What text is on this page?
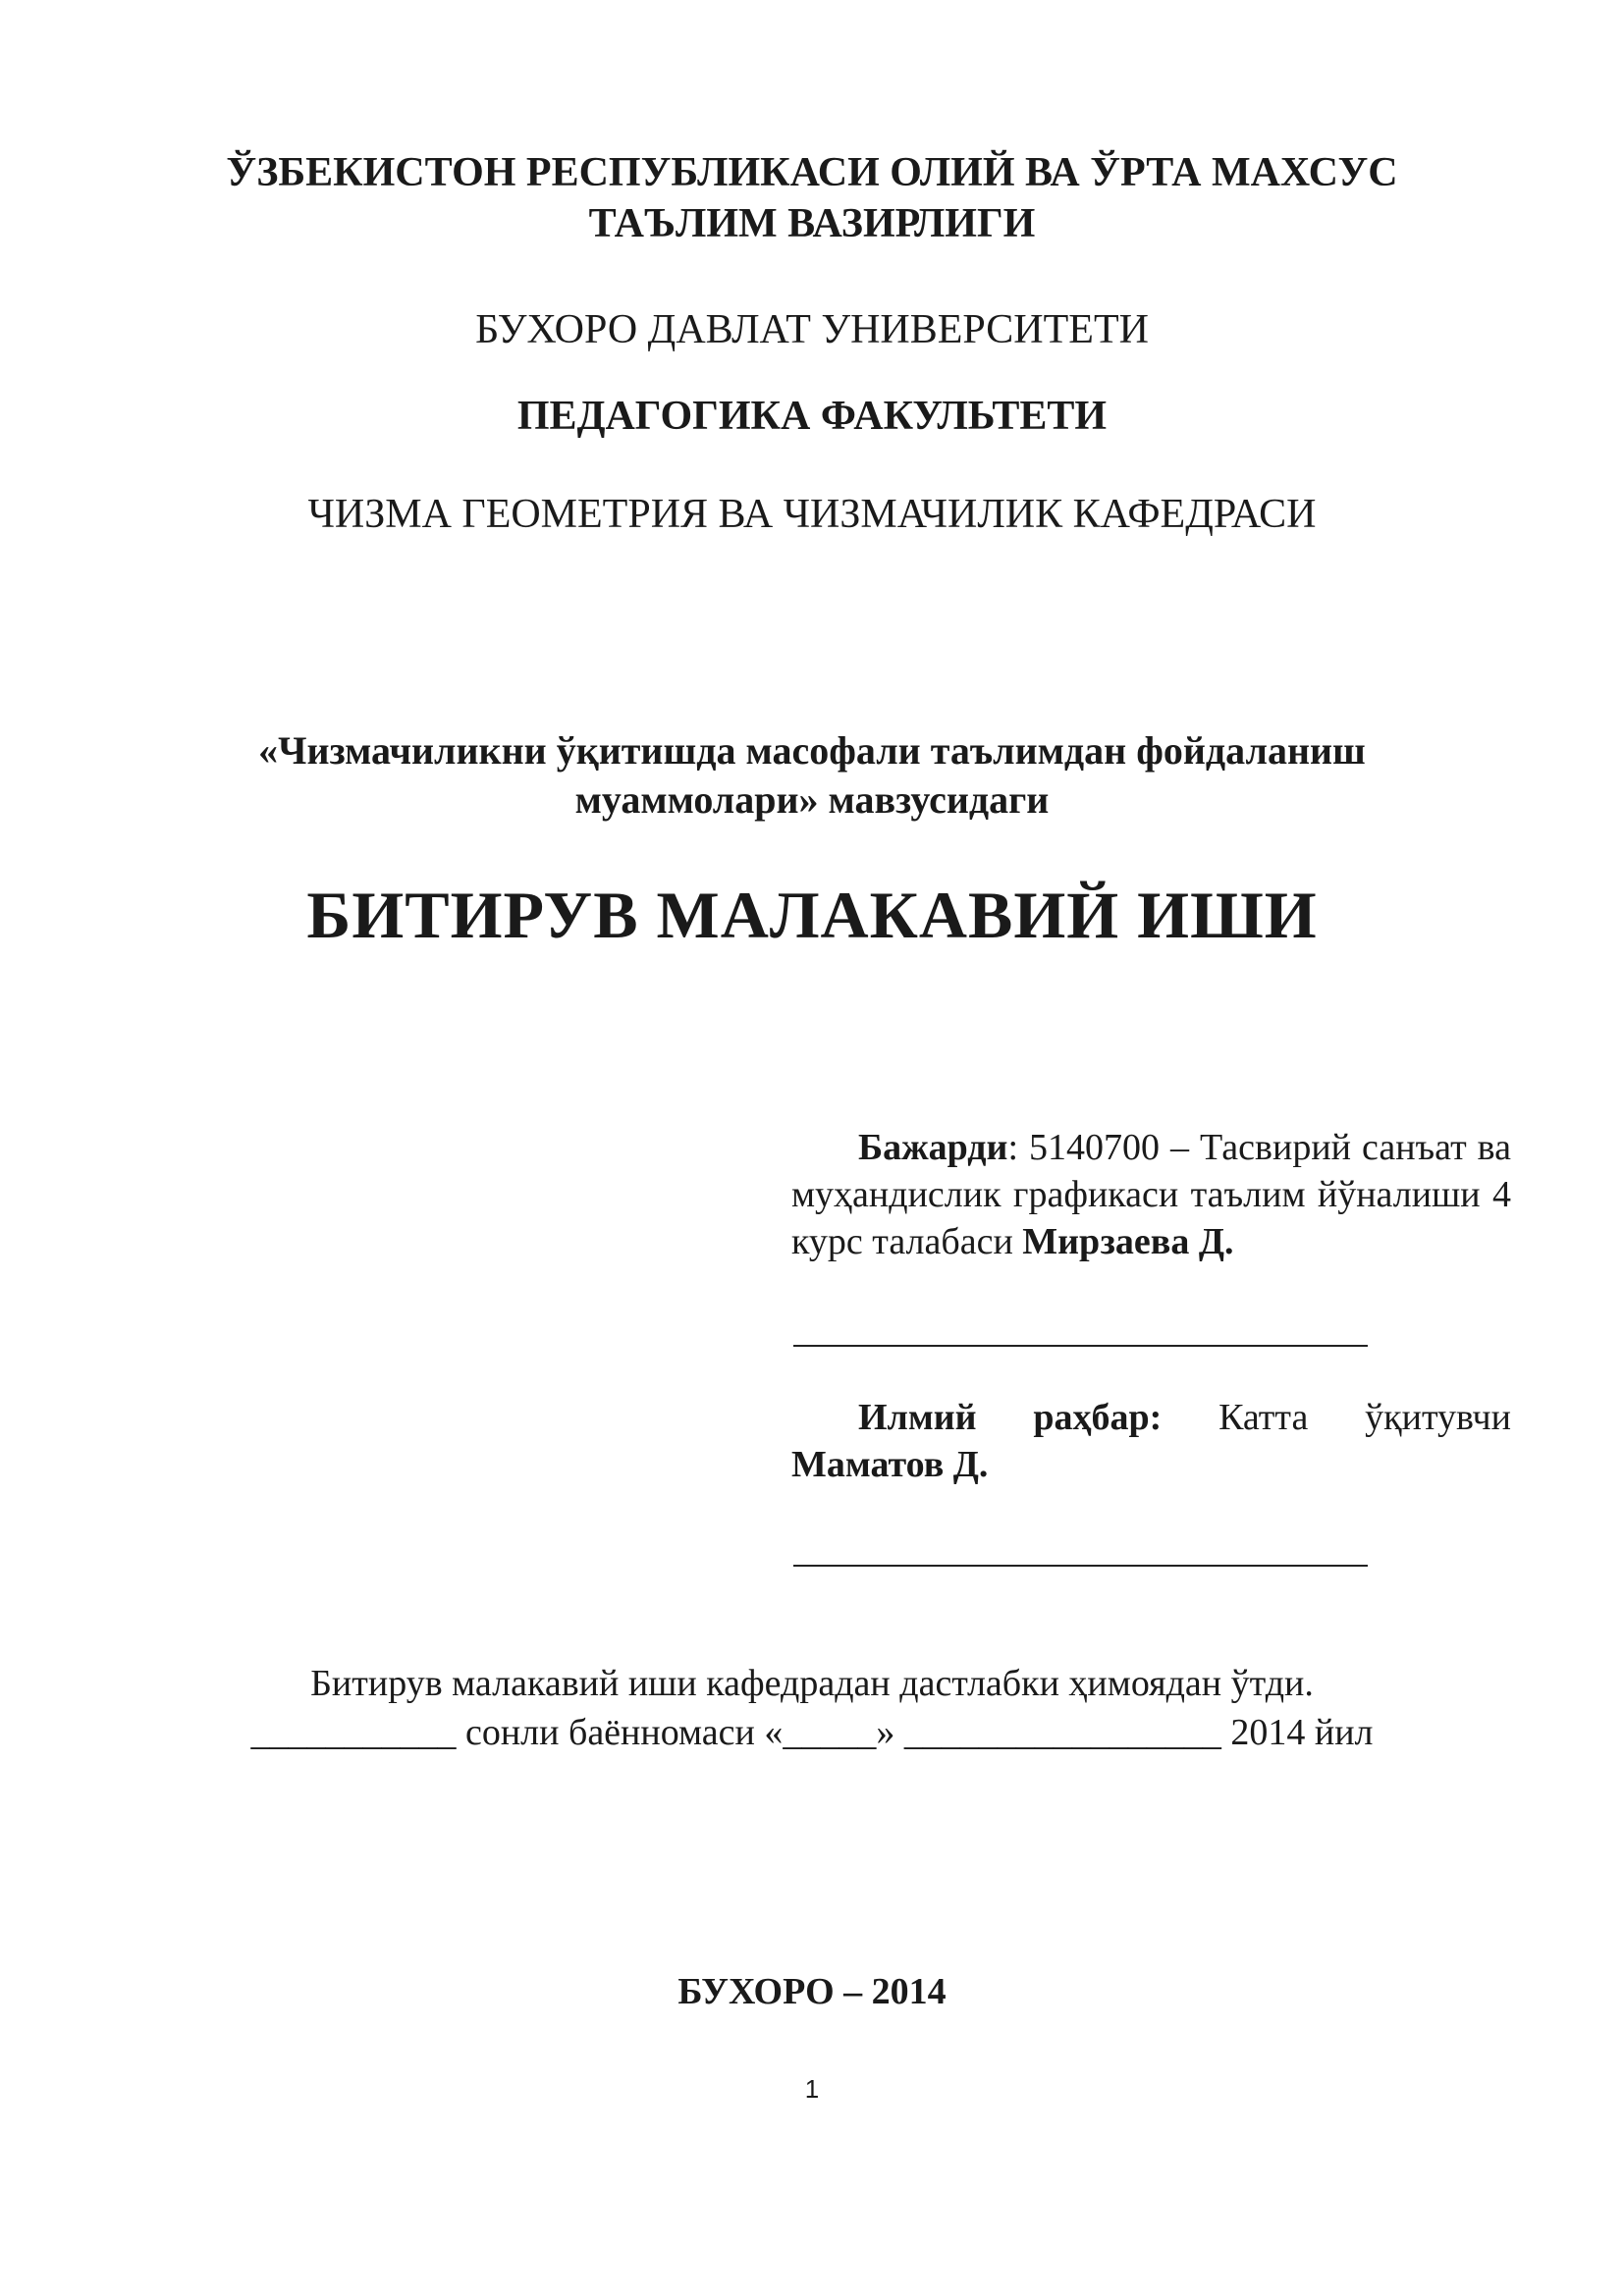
ЎЗБЕКИСТОН РЕСПУБЛИКАСИ ОЛИЙ ВА ЎРТА МАХСУС
ТАЪЛИМ ВАЗИРЛИГИ
БУХОРО ДАВЛАТ УНИВЕРСИТЕТИ
ПЕДАГОГИКА ФАКУЛЬТЕТИ
ЧИЗМА ГЕОМЕТРИЯ ВА ЧИЗМАЧИЛИК КАФЕДРАСИ
«Чизмачиликни ўқитишда масофали таълимдан фойдаланиш
муаммолари» мавзусидаги
БИТИРУВ МАЛАКАВИЙ ИШИ
Бажарди: 5140700 – Тасвирий санъат ва муҳандислик графикаси таълим йўналиши 4 курс талабаси Мирзаева Д.
Илмий раҳбар: Катта ўқитувчи Маматов Д.
Битирув малакавий иши кафедрадан дастлабки ҳимоядан ўтди.
___________ сонли баённомаси «_____» _________________ 2014 йил
БУХОРО – 2014
1
